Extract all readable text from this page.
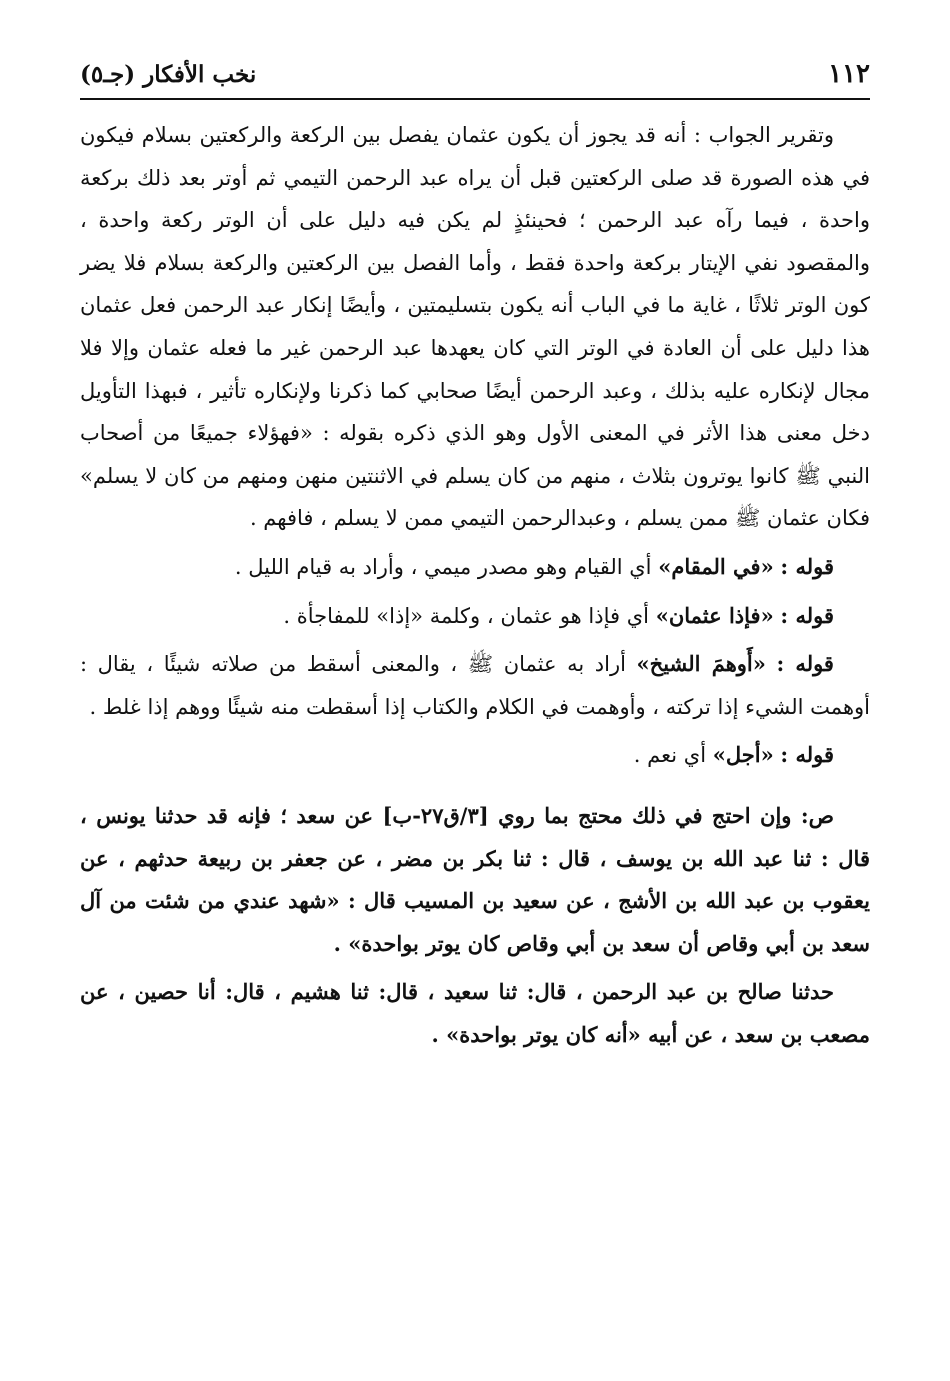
١١٢
نخب الأفكار (جـ٥)

وتقرير الجواب : أنه قد يجوز أن يكون عثمان يفصل بين الركعة والركعتين بسلام فيكون في هذه الصورة قد صلى الركعتين قبل أن يراه عبد الرحمن التيمي ثم أوتر بعد ذلك بركعة واحدة ، فيما رآه عبد الرحمن ؛ فحينئذٍ لم يكن فيه دليل على أن الوتر ركعة واحدة ، والمقصود نفي الإيتار بركعة واحدة فقط ، وأما الفصل بين الركعتين والركعة بسلام فلا يضر كون الوتر ثلاثًا ، غاية ما في الباب أنه يكون بتسليمتين ، وأيضًا إنكار عبد الرحمن فعل عثمان هذا دليل على أن العادة في الوتر التي كان يعهدها عبد الرحمن غير ما فعله عثمان وإلا فلا مجال لإنكاره عليه بذلك ، وعبد الرحمن أيضًا صحابي كما ذكرنا ولإنكاره تأثير ، فبهذا التأويل دخل معنى هذا الأثر في المعنى الأول وهو الذي ذكره بقوله : «فهؤلاء جميعًا من أصحاب النبي ﷺ كانوا يوترون بثلاث ، منهم من كان يسلم في الاثنتين منهن ومنهم من كان لا يسلم» فكان عثمان ﷺ ممن يسلم ، وعبدالرحمن التيمي ممن لا يسلم ، فافهم .

قوله : «في المقام» أي القيام وهو مصدر ميمي ، وأراد به قيام الليل .

قوله : «فإذا عثمان» أي فإذا هو عثمان ، وكلمة «إذا» للمفاجأة .

قوله : «أَوهمَ الشيخ» أراد به عثمان ﷺ ، والمعنى أسقط من صلاته شيئًا ، يقال : أوهمت الشيء إذا تركته ، وأوهمت في الكلام والكتاب إذا أسقطت منه شيئًا ووهم إذا غلط .

قوله : «أجل» أي نعم .

ص: وإن احتج في ذلك محتج بما روي [٣/ق٢٧-ب] عن سعد ؛ فإنه قد حدثنا يونس ، قال : ثنا عبد الله بن يوسف ، قال : ثنا بكر بن مضر ، عن جعفر بن ربيعة حدثهم ، عن يعقوب بن عبد الله بن الأشج ، عن سعيد بن المسيب قال : «شهد عندي من شئت من آل سعد بن أبي وقاص أن سعد بن أبي وقاص كان يوتر بواحدة» .

حدثنا صالح بن عبد الرحمن ، قال: ثنا سعيد ، قال: ثنا هشيم ، قال: أنا حصين ، عن مصعب بن سعد ، عن أبيه «أنه كان يوتر بواحدة» .
